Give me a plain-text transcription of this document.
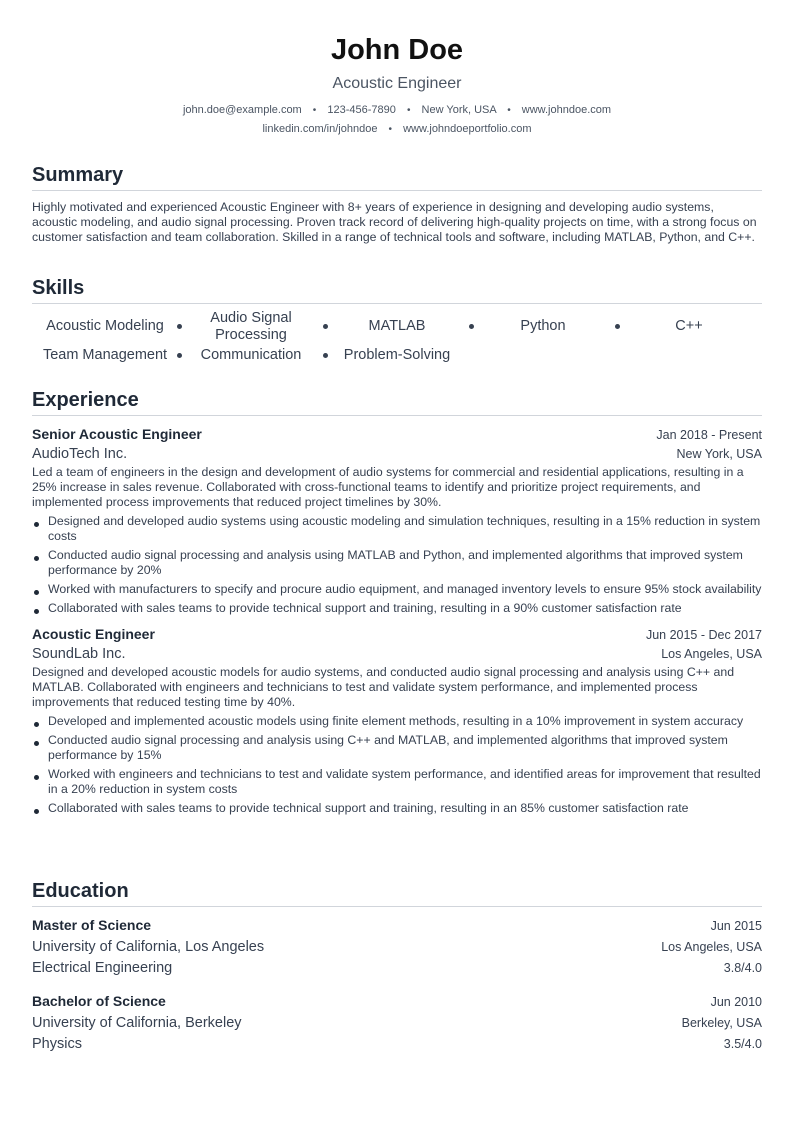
John Doe
Acoustic Engineer
john.doe@example.com • 123-456-7890 • New York, USA • www.johndoe.com
linkedin.com/in/johndoe • www.johndoeportfolio.com
Summary

Highly motivated and experienced Acoustic Engineer with 8+ years of experience in designing and developing audio systems, acoustic modeling, and audio signal processing. Proven track record of delivering high-quality projects on time, with a strong focus on customer satisfaction and team collaboration. Skilled in a range of technical tools and software, including MATLAB, Python, and C++.

Skills
Acoustic Modeling
Audio Signal Processing
MATLAB	Python	C++
Team Management Communication	Problem-Solving
Experience
Senior Acoustic Engineer	Jan 2018 - Present
AudioTech Inc.	New York, USA

Led a team of engineers in the design and development of audio systems for commercial and residential applications, resulting in a 25% increase in sales revenue. Collaborated with cross-functional teams to identify and prioritize project requirements, and implemented process improvements that reduced project timelines by 30%.

Designed and developed audio systems using acoustic modeling and simulation techniques, resulting in a 15% reduction in system costs
Conducted audio signal processing and analysis using MATLAB and Python, and implemented algorithms that improved system performance by 20%
Worked with manufacturers to specify and procure audio equipment, and managed inventory levels to ensure 95% stock availability
Collaborated with sales teams to provide technical support and training, resulting in a 90% customer satisfaction rate
Acoustic Engineer	Jun 2015 - Dec 2017
SoundLab Inc.	Los Angeles, USA

Designed and developed acoustic models for audio systems, and conducted audio signal processing and analysis using C++ and MATLAB. Collaborated with engineers and technicians to test and validate system performance, and implemented process improvements that reduced testing time by 40%.

Developed and implemented acoustic models using finite element methods, resulting in a 10% improvement in system accuracy
Conducted audio signal processing and analysis using C++ and MATLAB, and implemented algorithms that improved system performance by 15%
Worked with engineers and technicians to test and validate system performance, and identified areas for improvement that resulted in a 20% reduction in system costs
Collaborated with sales teams to provide technical support and training, resulting in an 85% customer satisfaction rate
Education
Master of Science	Jun 2015
University of California, Los Angeles	Los Angeles, USA
Electrical Engineering	3.8/4.0
Bachelor of Science	Jun 2010
University of California, Berkeley	Berkeley, USA
Physics	3.5/4.0
